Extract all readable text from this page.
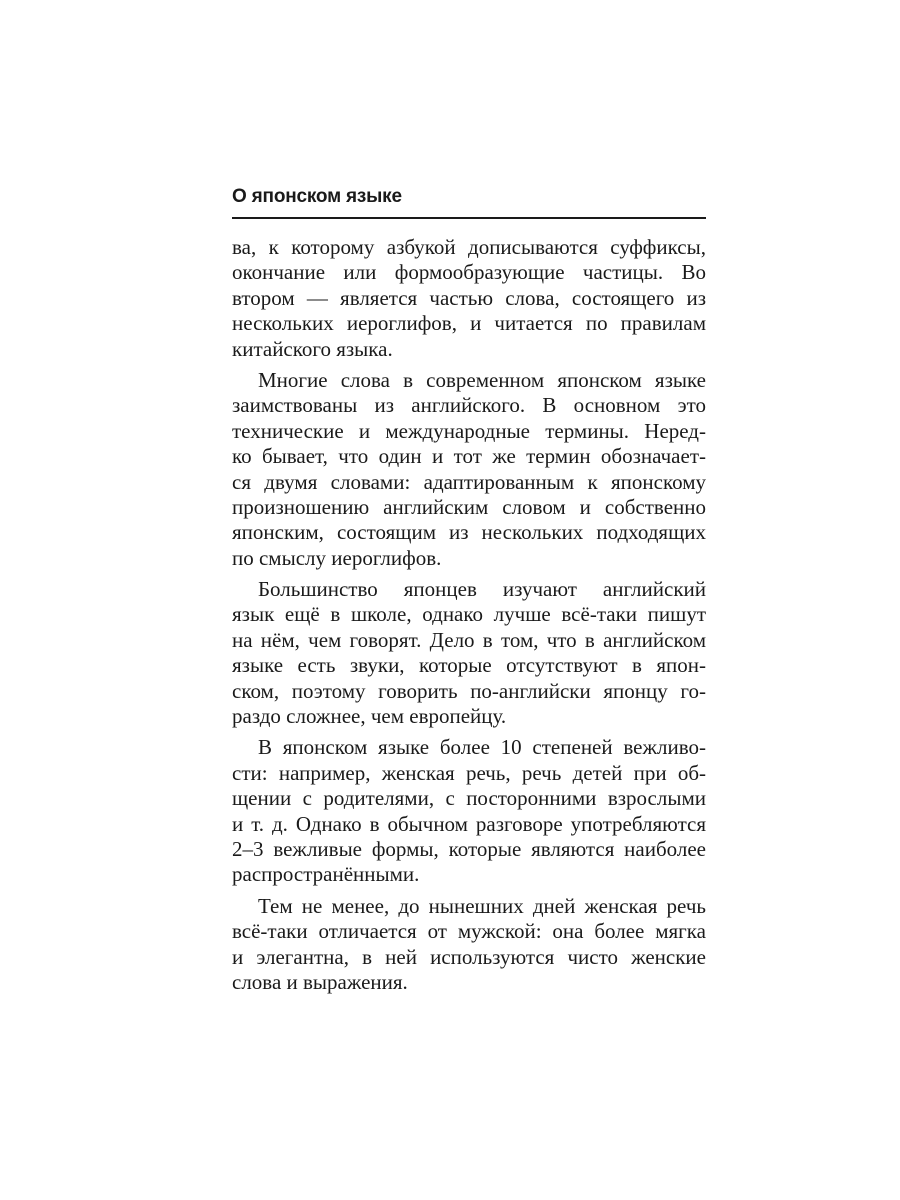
О японском языке

ва, к которому азбукой дописываются суффиксы,
окончание или формообразующие частицы. Во
втором — является частью слова, состоящего из
нескольких иероглифов, и читается по правилам
китайского языка.

Многие слова в современном японском языке
заимствованы из английского. В основном это
технические и международные термины. Неред-
ко бывает, что один и тот же термин обозначает-
ся двумя словами: адаптированным к японскому
произношению английским словом и собственно
японским, состоящим из нескольких подходящих
по смыслу иероглифов.

Большинство японцев изучают английский
язык ещё в школе, однако лучше всё-таки пишут
на нём, чем говорят. Дело в том, что в английском
языке есть звуки, которые отсутствуют в япон-
ском, поэтому говорить по-английски японцу го-
раздо сложнее, чем европейцу.

В японском языке более 10 степеней вежливо-
сти: например, женская речь, речь детей при об-
щении с родителями, с посторонними взрослыми
и т. д. Однако в обычном разговоре употребляются
2–3 вежливые формы, которые являются наиболее
распространёнными.

Тем не менее, до нынешних дней женская речь
всё-таки отличается от мужской: она более мягка
и элегантна, в ней используются чисто женские
слова и выражения.
